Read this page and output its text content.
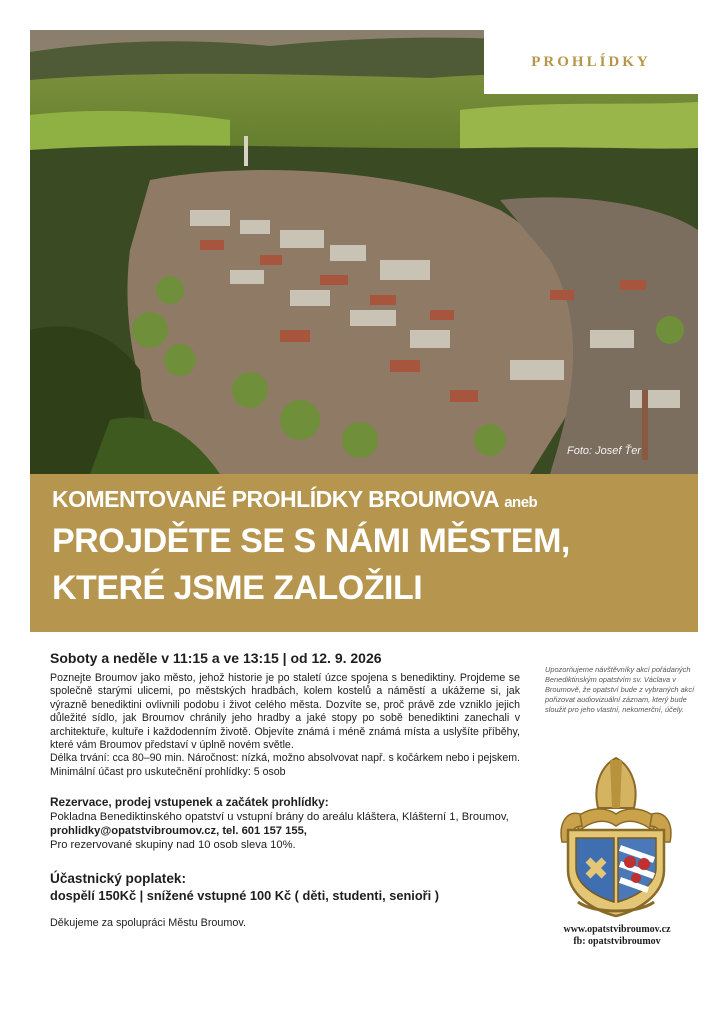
PROHLÍDKY
Foto: Josef Ťer
KOMENTOVANÉ PROHLÍDKY BROUMOVA aneb
PROJDĚTE SE S NÁMI MĚSTEM,
KTERÉ JSME ZALOŽILI
Soboty a neděle v 11:15 a ve 13:15 | od 12. 9. 2026

Poznejte Broumov jako město, jehož historie je po staletí úzce spojena s benediktiny. Projdeme se společně starými ulicemi, po městských hradbách, kolem kostelů a náměstí a ukážeme si, jak výrazně benediktini ovlivnili podobu i život celého města. Dozvíte se, proč právě zde vzniklo jejich důležité sídlo, jak Broumov chránily jeho hradby a jaké stopy po sobě benediktini zanechali v architektuře, kultuře i každodenním životě. Objevíte známá i méně známá místa a uslyšíte příběhy, které vám Broumov představí v úplně novém světle.

Délka trvání: cca 80–90 min. Náročnost: nízká, možno absolvovat např. s kočárkem nebo i pejskem. Minimální účast pro uskutečnění prohlídky: 5 osob

Rezervace, prodej vstupenek a začátek prohlídky:
Pokladna Benediktinského opatství u vstupní brány do areálu kláštera, Klášterní 1, Broumov,
prohlidky@opatstvibroumov.cz, tel. 601 157 155,
Pro rezervované skupiny nad 10 osob sleva 10%.
Účastnický poplatek:
dospělí 150Kč | snížené vstupné 100 Kč ( děti, studenti, senioři )
Děkujeme za spolupráci Městu Broumov.
Upozorňujeme návštěvníky akcí pořádaných Benediktinským opatstvím sv. Václava v Broumově, že opatství bude z vybraných akcí pořizovat audiovizuální záznam, který bude sloužit pro jeho vlastní, nekomerční, účely.
www.opatstvibroumov.cz
fb: opatstvibroumov
